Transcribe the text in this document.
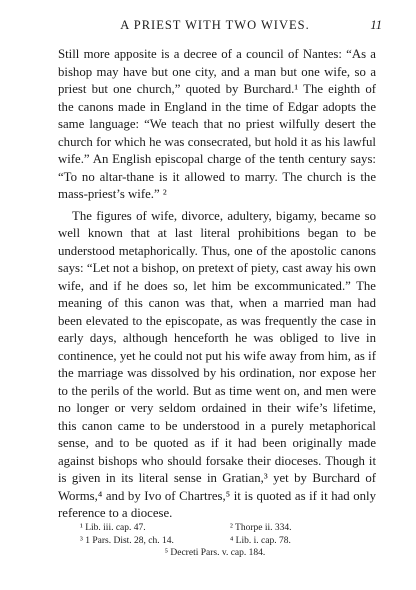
A PRIEST WITH TWO WIVES.	11

Still more apposite is a decree of a council of Nantes: “As a bishop may have but one city, and a man but one wife, so a priest but one church,” quoted by Burchard.¹ The eighth of the canons made in England in the time of Edgar adopts the same language: “We teach that no priest wilfully desert the church for which he was consecrated, but hold it as his lawful wife.” An English episcopal charge of the tenth century says: “To no altar-thane is it allowed to marry. The church is the mass-priest’s wife.” ²

The figures of wife, divorce, adultery, bigamy, became so well known that at last literal prohibitions began to be understood metaphorically. Thus, one of the apostolic canons says: “Let not a bishop, on pretext of piety, cast away his own wife, and if he does so, let him be excommunicated.” The meaning of this canon was that, when a married man had been elevated to the episcopate, as was frequently the case in early days, although henceforth he was obliged to live in continence, yet he could not put his wife away from him, as if the marriage was dissolved by his ordination, nor expose her to the perils of the world. But as time went on, and men were no longer or very seldom ordained in their wife’s lifetime, this canon came to be understood in a purely metaphorical sense, and to be quoted as if it had been originally made against bishops who should forsake their dioceses. Though it is given in its literal sense in Gratian,³ yet by Burchard of Worms,⁴ and by Ivo of Chartres,⁵ it is quoted as if it had only reference to a diocese.

¹ Lib. iii. cap. 47.	² Thorpe ii. 334.
³ 1 Pars. Dist. 28, ch. 14.	⁴ Lib. i. cap. 78.
⁵ Decreti Pars. v. cap. 184.
